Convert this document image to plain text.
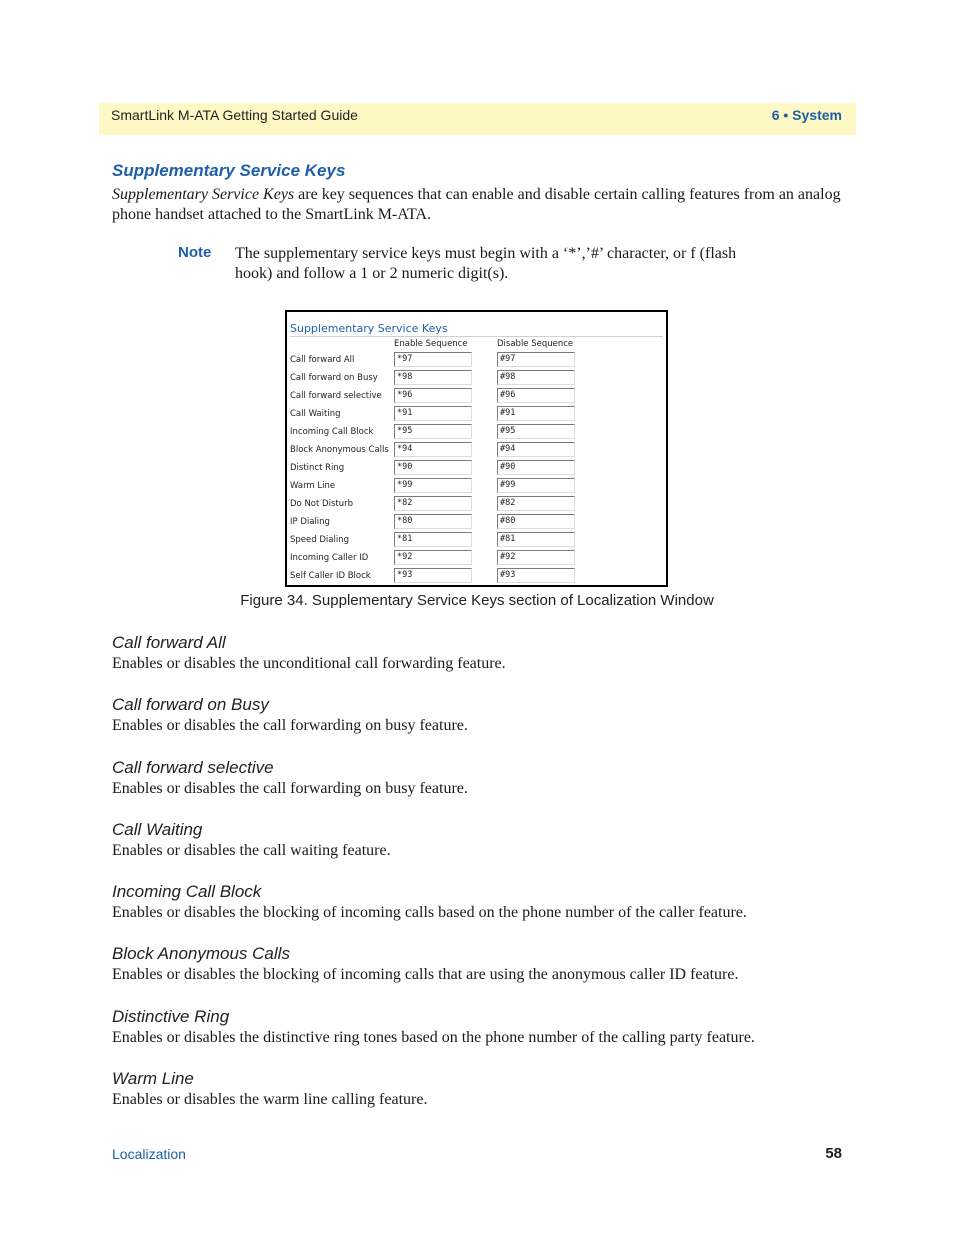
SmartLink M-ATA Getting Started Guide	6 • System
Supplementary Service Keys
Supplementary Service Keys are key sequences that can enable and disable certain calling features from an analog phone handset attached to the SmartLink M-ATA.
Note The supplementary service keys must begin with a ‘*’,’#’ character, or f (flash hook) and follow a 1 or 2 numeric digit(s).
Supplementary Service Keys
Enable Sequence	Disable Sequence
Call forward All	*97	#97
Call forward on Busy	*98	#98
Call forward selective	*96	#96
Call Waiting	*91	#91
Incoming Call Block	*95	#95
Block Anonymous Calls *94	#94
Distinct Ring	*90	#90
Warm Line	*99	#99
Do Not Disturb	*82	#82
IP Dialing	*80	#80
Speed Dialing	*81	#81
Incoming Caller ID	*92	#92
Self Caller ID Block	*93	#93
Figure 34. Supplementary Service Keys section of Localization Window
Call forward All
Enables or disables the unconditional call forwarding feature.
Call forward on Busy
Enables or disables the call forwarding on busy feature.
Call forward selective
Enables or disables the call forwarding on busy feature.
Call Waiting
Enables or disables the call waiting feature.
Incoming Call Block
Enables or disables the blocking of incoming calls based on the phone number of the caller feature.
Block Anonymous Calls
Enables or disables the blocking of incoming calls that are using the anonymous caller ID feature.
Distinctive Ring
Enables or disables the distinctive ring tones based on the phone number of the calling party feature.
Warm Line
Enables or disables the warm line calling feature.
Localization	58
